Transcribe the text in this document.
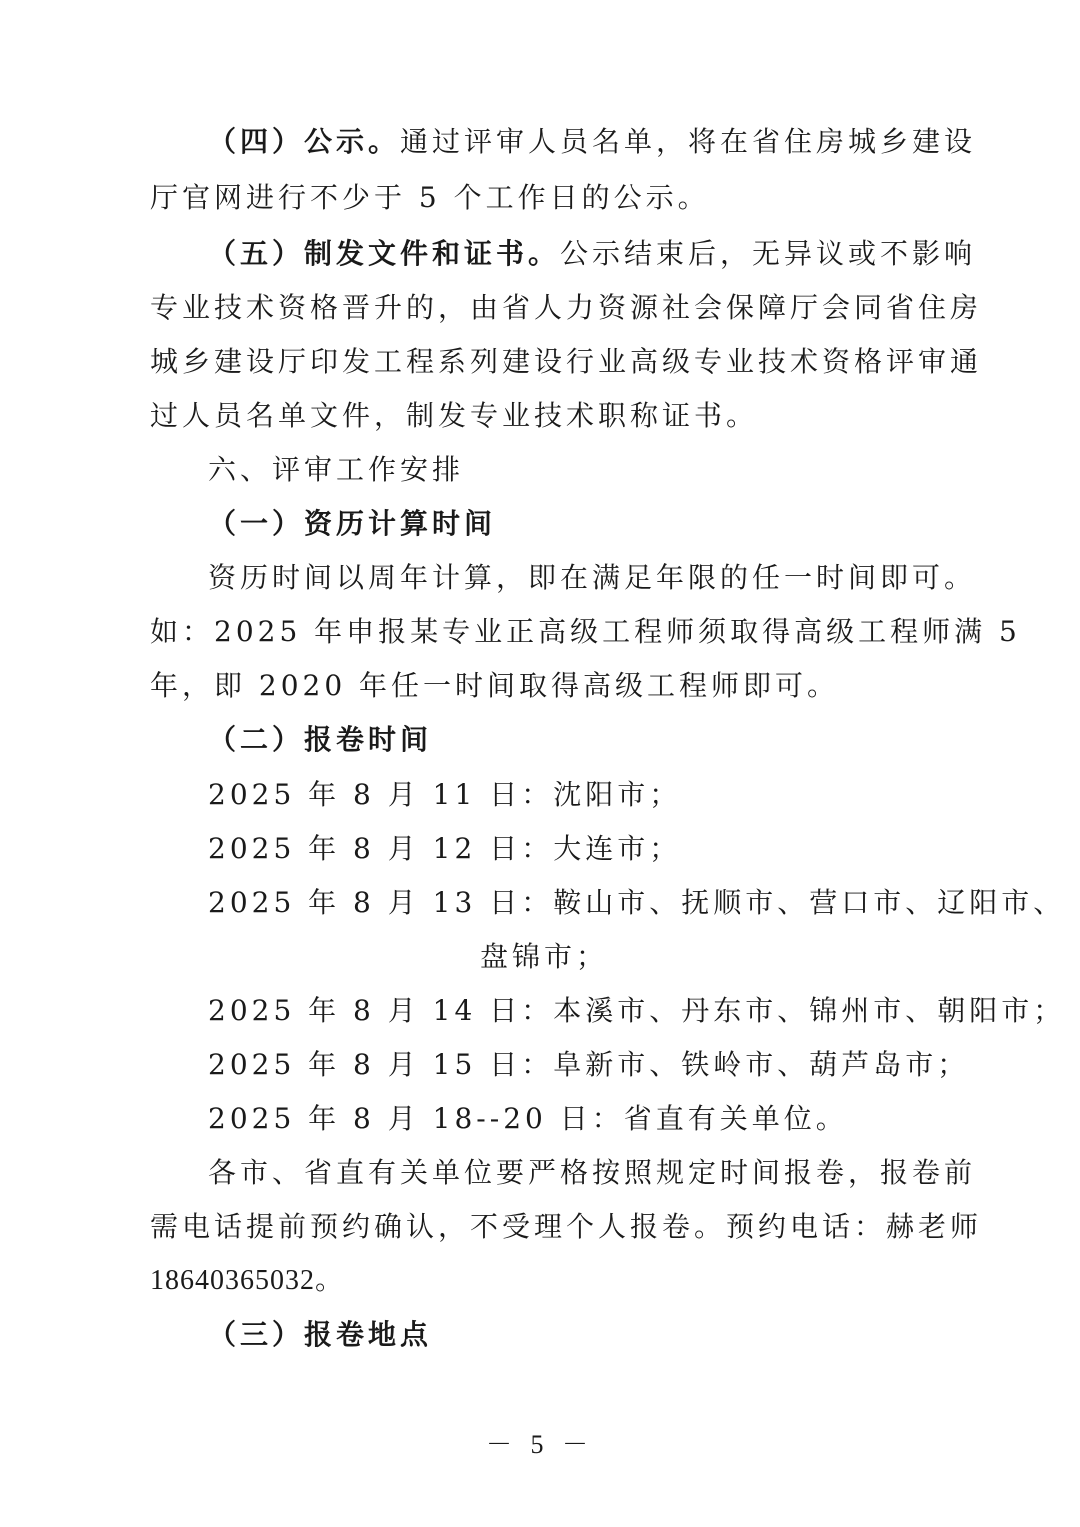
（四）公示。通过评审人员名单，将在省住房城乡建设
厅官网进行不少于 5 个工作日的公示。
（五）制发文件和证书。公示结束后，无异议或不影响
专业技术资格晋升的，由省人力资源社会保障厅会同省住房
城乡建设厅印发工程系列建设行业高级专业技术资格评审通
过人员名单文件，制发专业技术职称证书。
六、评审工作安排
（一）资历计算时间
资历时间以周年计算，即在满足年限的任一时间即可。
如：2025 年申报某专业正高级工程师须取得高级工程师满 5
年，即 2020 年任一时间取得高级工程师即可。
（二）报卷时间
2025 年 8 月 11 日：沈阳市；
2025 年 8 月 12 日：大连市；
2025 年 8 月 13 日：鞍山市、抚顺市、营口市、辽阳市、
盘锦市；
2025 年 8 月 14 日：本溪市、丹东市、锦州市、朝阳市；
2025 年 8 月 15 日：阜新市、铁岭市、葫芦岛市；
2025 年 8 月 18--20 日：省直有关单位。
各市、省直有关单位要严格按照规定时间报卷，报卷前
需电话提前预约确认，不受理个人报卷。预约电话：赫老师
18640365032。
（三）报卷地点
－ 5 －
